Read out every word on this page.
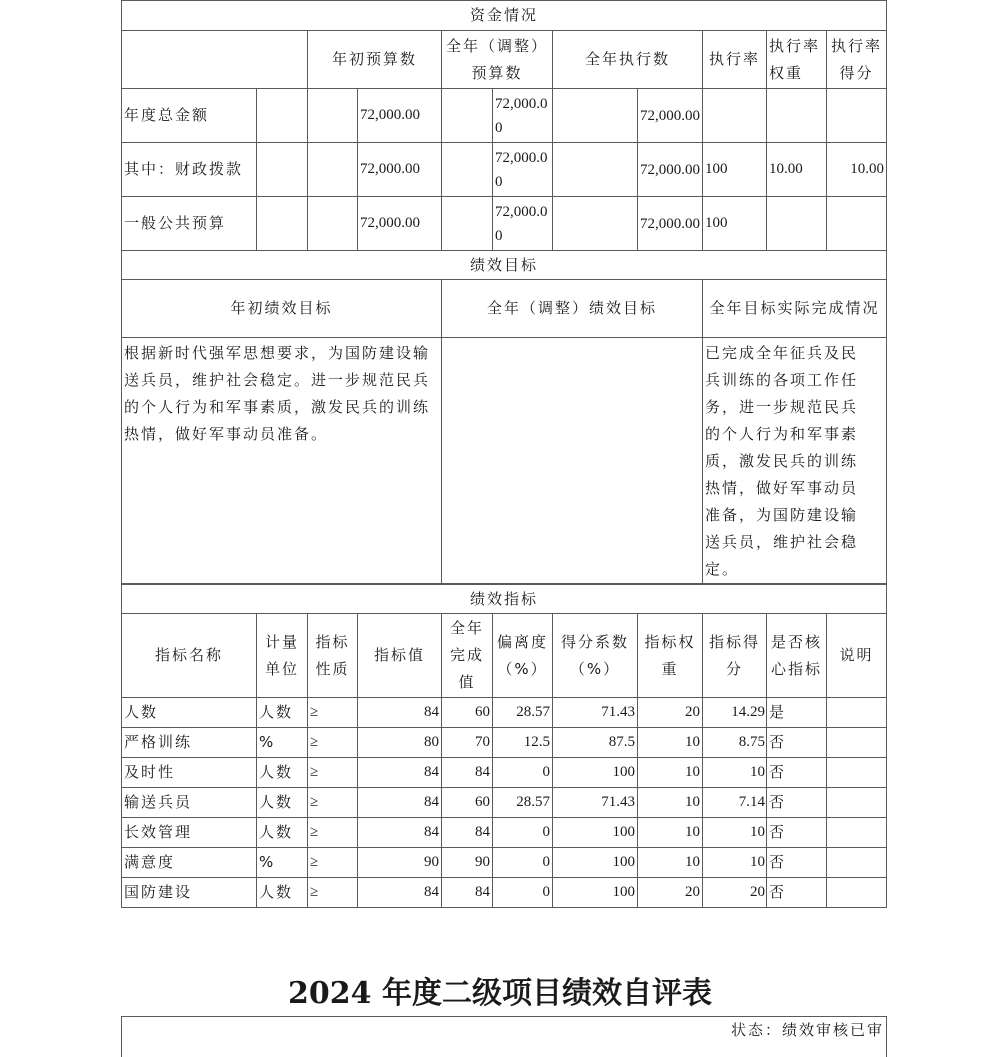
资金情况										
		年初预算数		全年（调整）预算数		全年执行数		执行率	执行率权重	执行率得分
年度总金额			72,000.00		72,000.00		72,000.00			
其中：财政拨款			72,000.00		72,000.00		72,000.00	100	10.00	10.00
一般公共预算			72,000.00		72,000.00		72,000.00	100		
绩效目标		
年初绩效目标	全年（调整）绩效目标	全年目标实际完成情况
根据新时代强军思想要求，为国防建设输送兵员，维护社会稳定。进一步规范民兵的个人行为和军事素质，激发民兵的训练热情，做好军事动员准备。		已完成全年征兵及民兵训练的各项工作任务，进一步规范民兵的个人行为和军事素质，激发民兵的训练热情，做好军事动员准备，为国防建设输送兵员，维护社会稳定。
绩效指标										
指标名称	计量单位	指标性质	指标值	全年完成值	偏离度（%）	得分系数（%）	指标权重	指标得分	是否核心指标	说明
人数	人数	≥	84	60	28.57	71.43	20	14.29	是	
严格训练	%	≥	80	70	12.5	87.5	10	8.75	否	
及时性	人数	≥	84	84	0	100	10	10	否	
输送兵员	人数	≥	84	60	28.57	71.43	10	7.14	否	
长效管理	人数	≥	84	84	0	100	10	10	否	
满意度	%	≥	90	90	0	100	10	10	否	
国防建设	人数	≥	84	84	0	100	20	20	否	
2024 年度二级项目绩效自评表
状态：绩效审核已审
